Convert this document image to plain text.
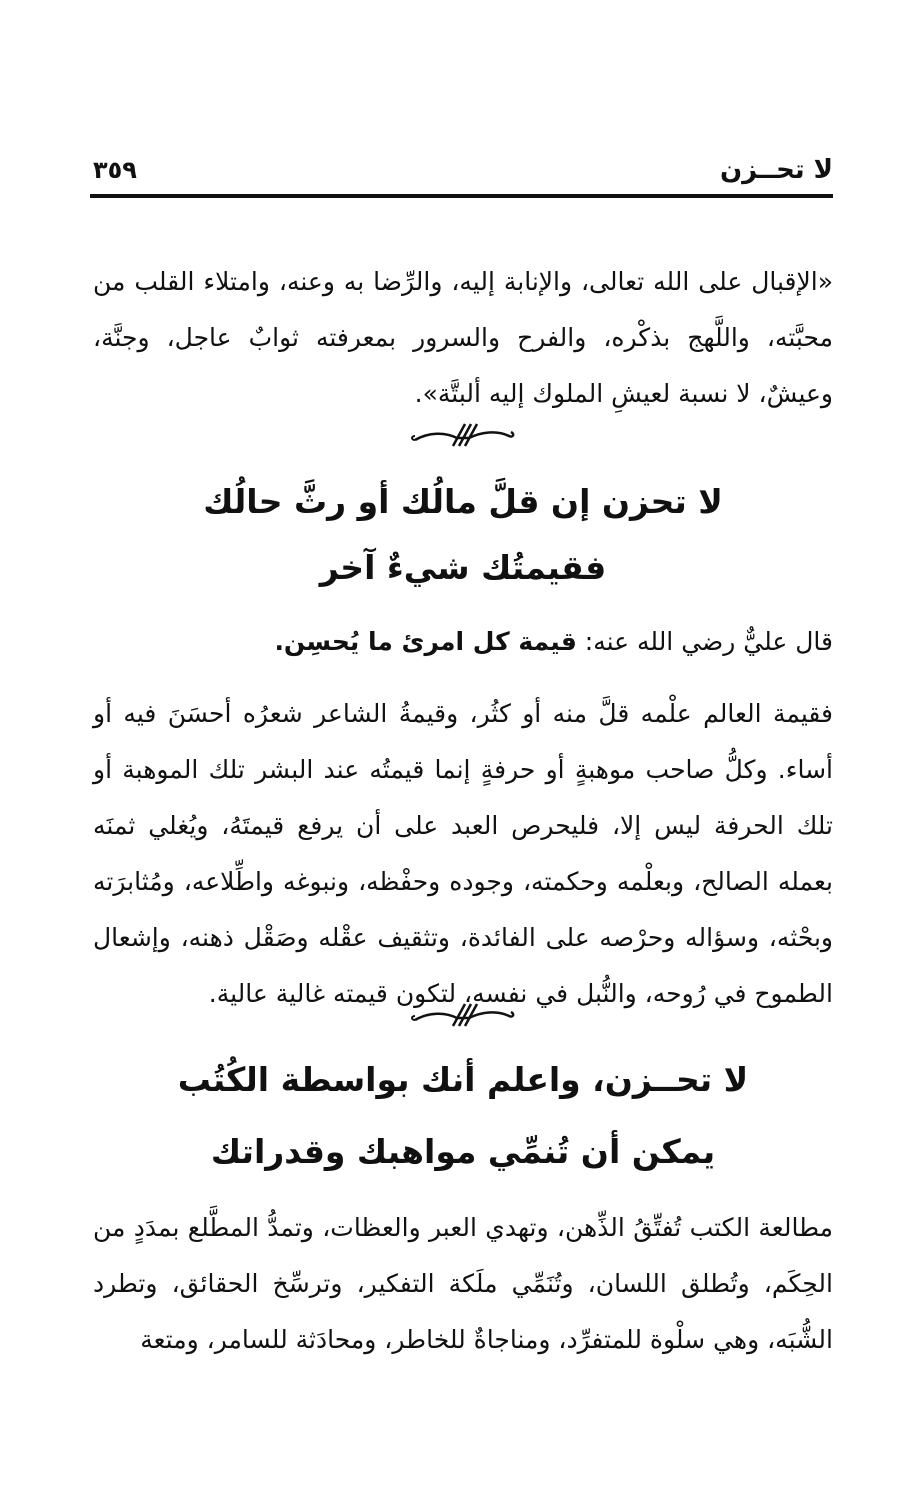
لا تحــزن
٣٥٩

«الإقبال على الله تعالى، والإنابة إليه، والرِّضا به وعنه، وامتلاء القلب من محبَّته، واللَّهج بذكْره، والفرح والسرور بمعرفته ثوابٌ عاجل، وجنَّة، وعيشٌ، لا نسبة لعيشِ الملوك إليه ألبتَّة».

لا تحزن إن قلَّ مالُك أو رثَّ حالُك
فقيمتُك شيءٌ آخر

قال عليٌّ رضي الله عنه: قيمة كل امرئ ما يُحسِن.

فقيمة العالم علْمه قلَّ منه أو كثُر، وقيمةُ الشاعر شعرُه أحسَنَ فيه أو أساء. وكلُّ صاحب موهبةٍ أو حرفةٍ إنما قيمتُه عند البشر تلك الموهبة أو تلك الحرفة ليس إلا، فليحرص العبد على أن يرفع قيمتَهُ، ويُغلي ثمنَه بعمله الصالح، وبعلْمه وحكمته، وجوده وحفْظه، ونبوغه واطِّلاعه، ومُثابرَته وبحْثه، وسؤاله وحرْصه على الفائدة، وتثقيف عقْله وصَقْل ذهنه، وإشعال الطموح في رُوحه، والنُّبل في نفسه، لتكون قيمته غالية عالية.

لا تحــزن، واعلم أنك بواسطة الكُتُب
يمكن أن تُنمِّي مواهبك وقدراتك

مطالعة الكتب تُفتِّقُ الذِّهن، وتهدي العبر والعظات، وتمدُّ المطَّلع بمدَدٍ من الحِكَم، وتُطلق اللسان، وتُنَمِّي ملَكة التفكير، وترسِّخ الحقائق، وتطرد الشُّبَه، وهي سلْوة للمتفرِّد، ومناجاةٌ للخاطر، ومحادَثة للسامر، ومتعة
